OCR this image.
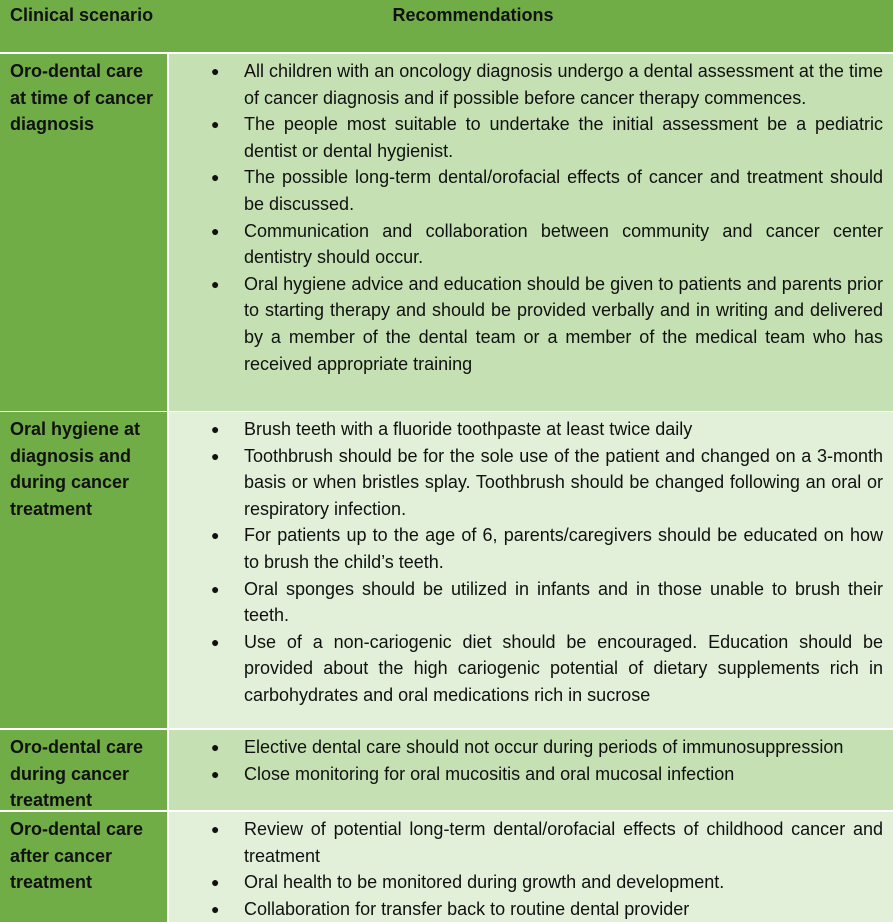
Clinical scenario	Recommendations
Oro-dental care at time of cancer diagnosis
● All children with an oncology diagnosis undergo a dental assessment at the time of cancer diagnosis and if possible before cancer therapy commences.
● The people most suitable to undertake the initial assessment be a pediatric dentist or dental hygienist.
● The possible long-term dental/orofacial effects of cancer and treatment should be discussed.
● Communication and collaboration between community and cancer center dentistry should occur.
● Oral hygiene advice and education should be given to patients and parents prior to starting therapy and should be provided verbally and in writing and delivered by a member of the dental team or a member of the medical team who has received appropriate training
Oral hygiene at diagnosis and during cancer treatment
● Brush teeth with a fluoride toothpaste at least twice daily
● Toothbrush should be for the sole use of the patient and changed on a 3-month basis or when bristles splay. Toothbrush should be changed following an oral or respiratory infection.
● For patients up to the age of 6, parents/caregivers should be educated on how to brush the child’s teeth.
● Oral sponges should be utilized in infants and in those unable to brush their teeth.
● Use of a non-cariogenic diet should be encouraged. Education should be provided about the high cariogenic potential of dietary supplements rich in carbohydrates and oral medications rich in sucrose
Oro-dental care during cancer treatment
● Elective dental care should not occur during periods of immunosuppression
● Close monitoring for oral mucositis and oral mucosal infection
Oro-dental care after cancer treatment
● Review of potential long-term dental/orofacial effects of childhood cancer and treatment
● Oral health to be monitored during growth and development.
● Collaboration for transfer back to routine dental provider
